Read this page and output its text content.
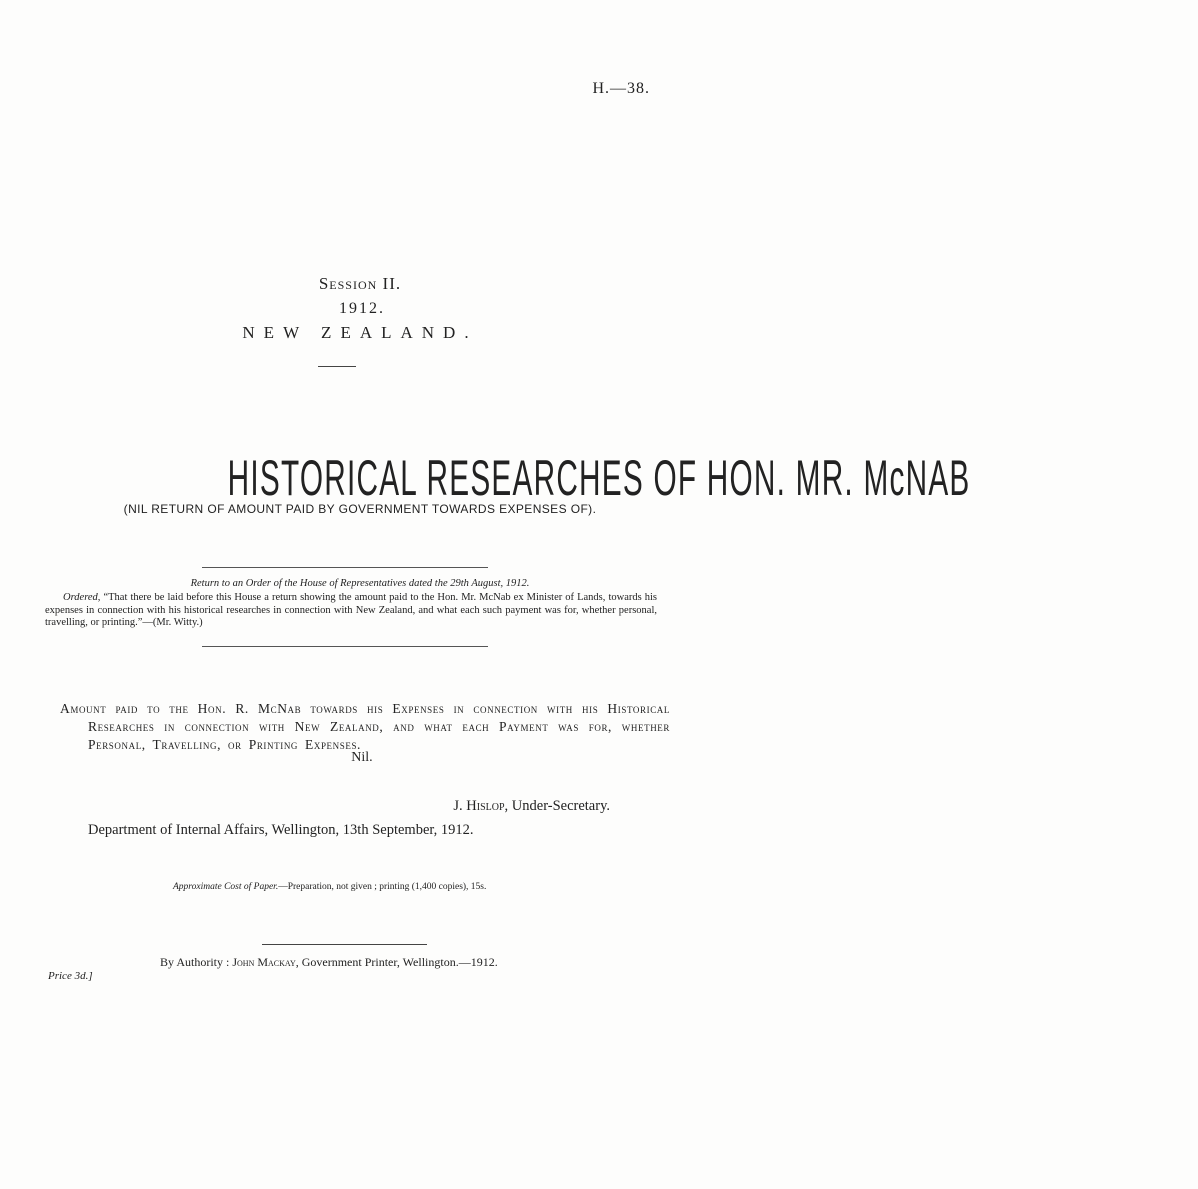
H.—38.
Session II.
1912.
NEW ZEALAND.
HISTORICAL RESEARCHES OF HON. MR. McNAB
(NIL RETURN OF AMOUNT PAID BY GOVERNMENT TOWARDS EXPENSES OF).
Return to an Order of the House of Representatives dated the 29th August, 1912.
Ordered, “That there be laid before this House a return showing the amount paid to the Hon. Mr. McNab ex Minister of Lands, towards his expenses in connection with his historical researches in connection with New Zealand, and what each such payment was for, whether personal, travelling, or printing.”—(Mr. Witty.)
Amount paid to the Hon. R. McNab towards his Expenses in connection with his Historical Researches in connection with New Zealand, and what each Payment was for, whether Personal, Travelling, or Printing Expenses.
Nil.
J. Hislop, Under-Secretary.
Department of Internal Affairs, Wellington, 13th September, 1912.
Approximate Cost of Paper.—Preparation, not given ; printing (1,400 copies), 15s.
By Authority : John Mackay, Government Printer, Wellington.—1912.
Price 3d.]
